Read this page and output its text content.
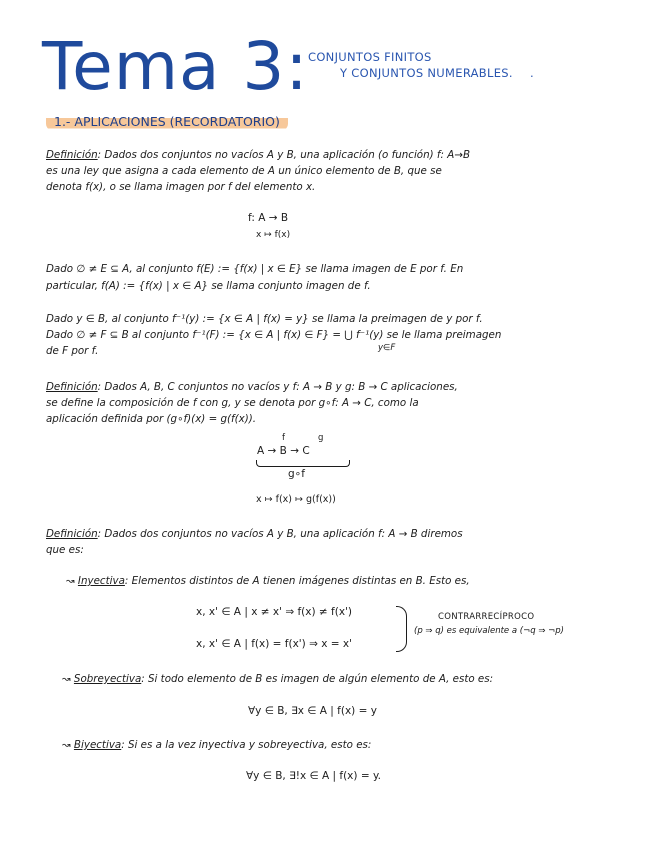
Tema 3: CONJUNTOS FINITOS
Y CONJUNTOS NUMERABLES. .
1.- APLICACIONES (RECORDATORIO)
Definición: Dados dos conjuntos no vacíos A y B, una aplicación (o función) f: A→B
es una ley que asigna a cada elemento de A un único elemento de B, que se
denota f(x), o se llama imagen por f del elemento x.
f: A → B
x ↦ f(x)
Dado ∅ ≠ E ⊆ A, al conjunto f(E) := {f(x) | x ∈ E} se llama imagen de E por f. En
particular, f(A) := {f(x) | x ∈ A} se llama conjunto imagen de f.
Dado y ∈ B, al conjunto f⁻¹(y) := {x ∈ A | f(x) = y} se llama la preimagen de y por f.
Dado ∅ ≠ F ⊆ B al conjunto f⁻¹(F) := {x ∈ A | f(x) ∈ F} = ⋃ f⁻¹(y) se le llama preimagen
y∈F
de F por f.
Definición: Dados A, B, C conjuntos no vacíos y f: A → B y g: B → C aplicaciones,
se define la composición de f con g, y se denota por g∘f: A → C, como la
aplicación definida por (g∘f)(x) = g(f(x)).
f	g
A → B → C
g∘f
x ↦ f(x) ↦ g(f(x))
Definición: Dados dos conjuntos no vacíos A y B, una aplicación f: A → B diremos
que es:
↝ Inyectiva: Elementos distintos de A tienen imágenes distintas en B. Esto es,
x, x' ∈ A | x ≠ x' ⇒ f(x) ≠ f(x')
x, x' ∈ A | f(x) = f(x') ⇒ x = x'
CONTRARRECÍPROCO
(p ⇒ q) es equivalente a (¬q ⇒ ¬p)
↝ Sobreyectiva: Si todo elemento de B es imagen de algún elemento de A, esto es:
∀y ∈ B, ∃x ∈ A | f(x) = y
↝ Biyectiva: Si es a la vez inyectiva y sobreyectiva, esto es:
∀y ∈ B, ∃!x ∈ A | f(x) = y.
